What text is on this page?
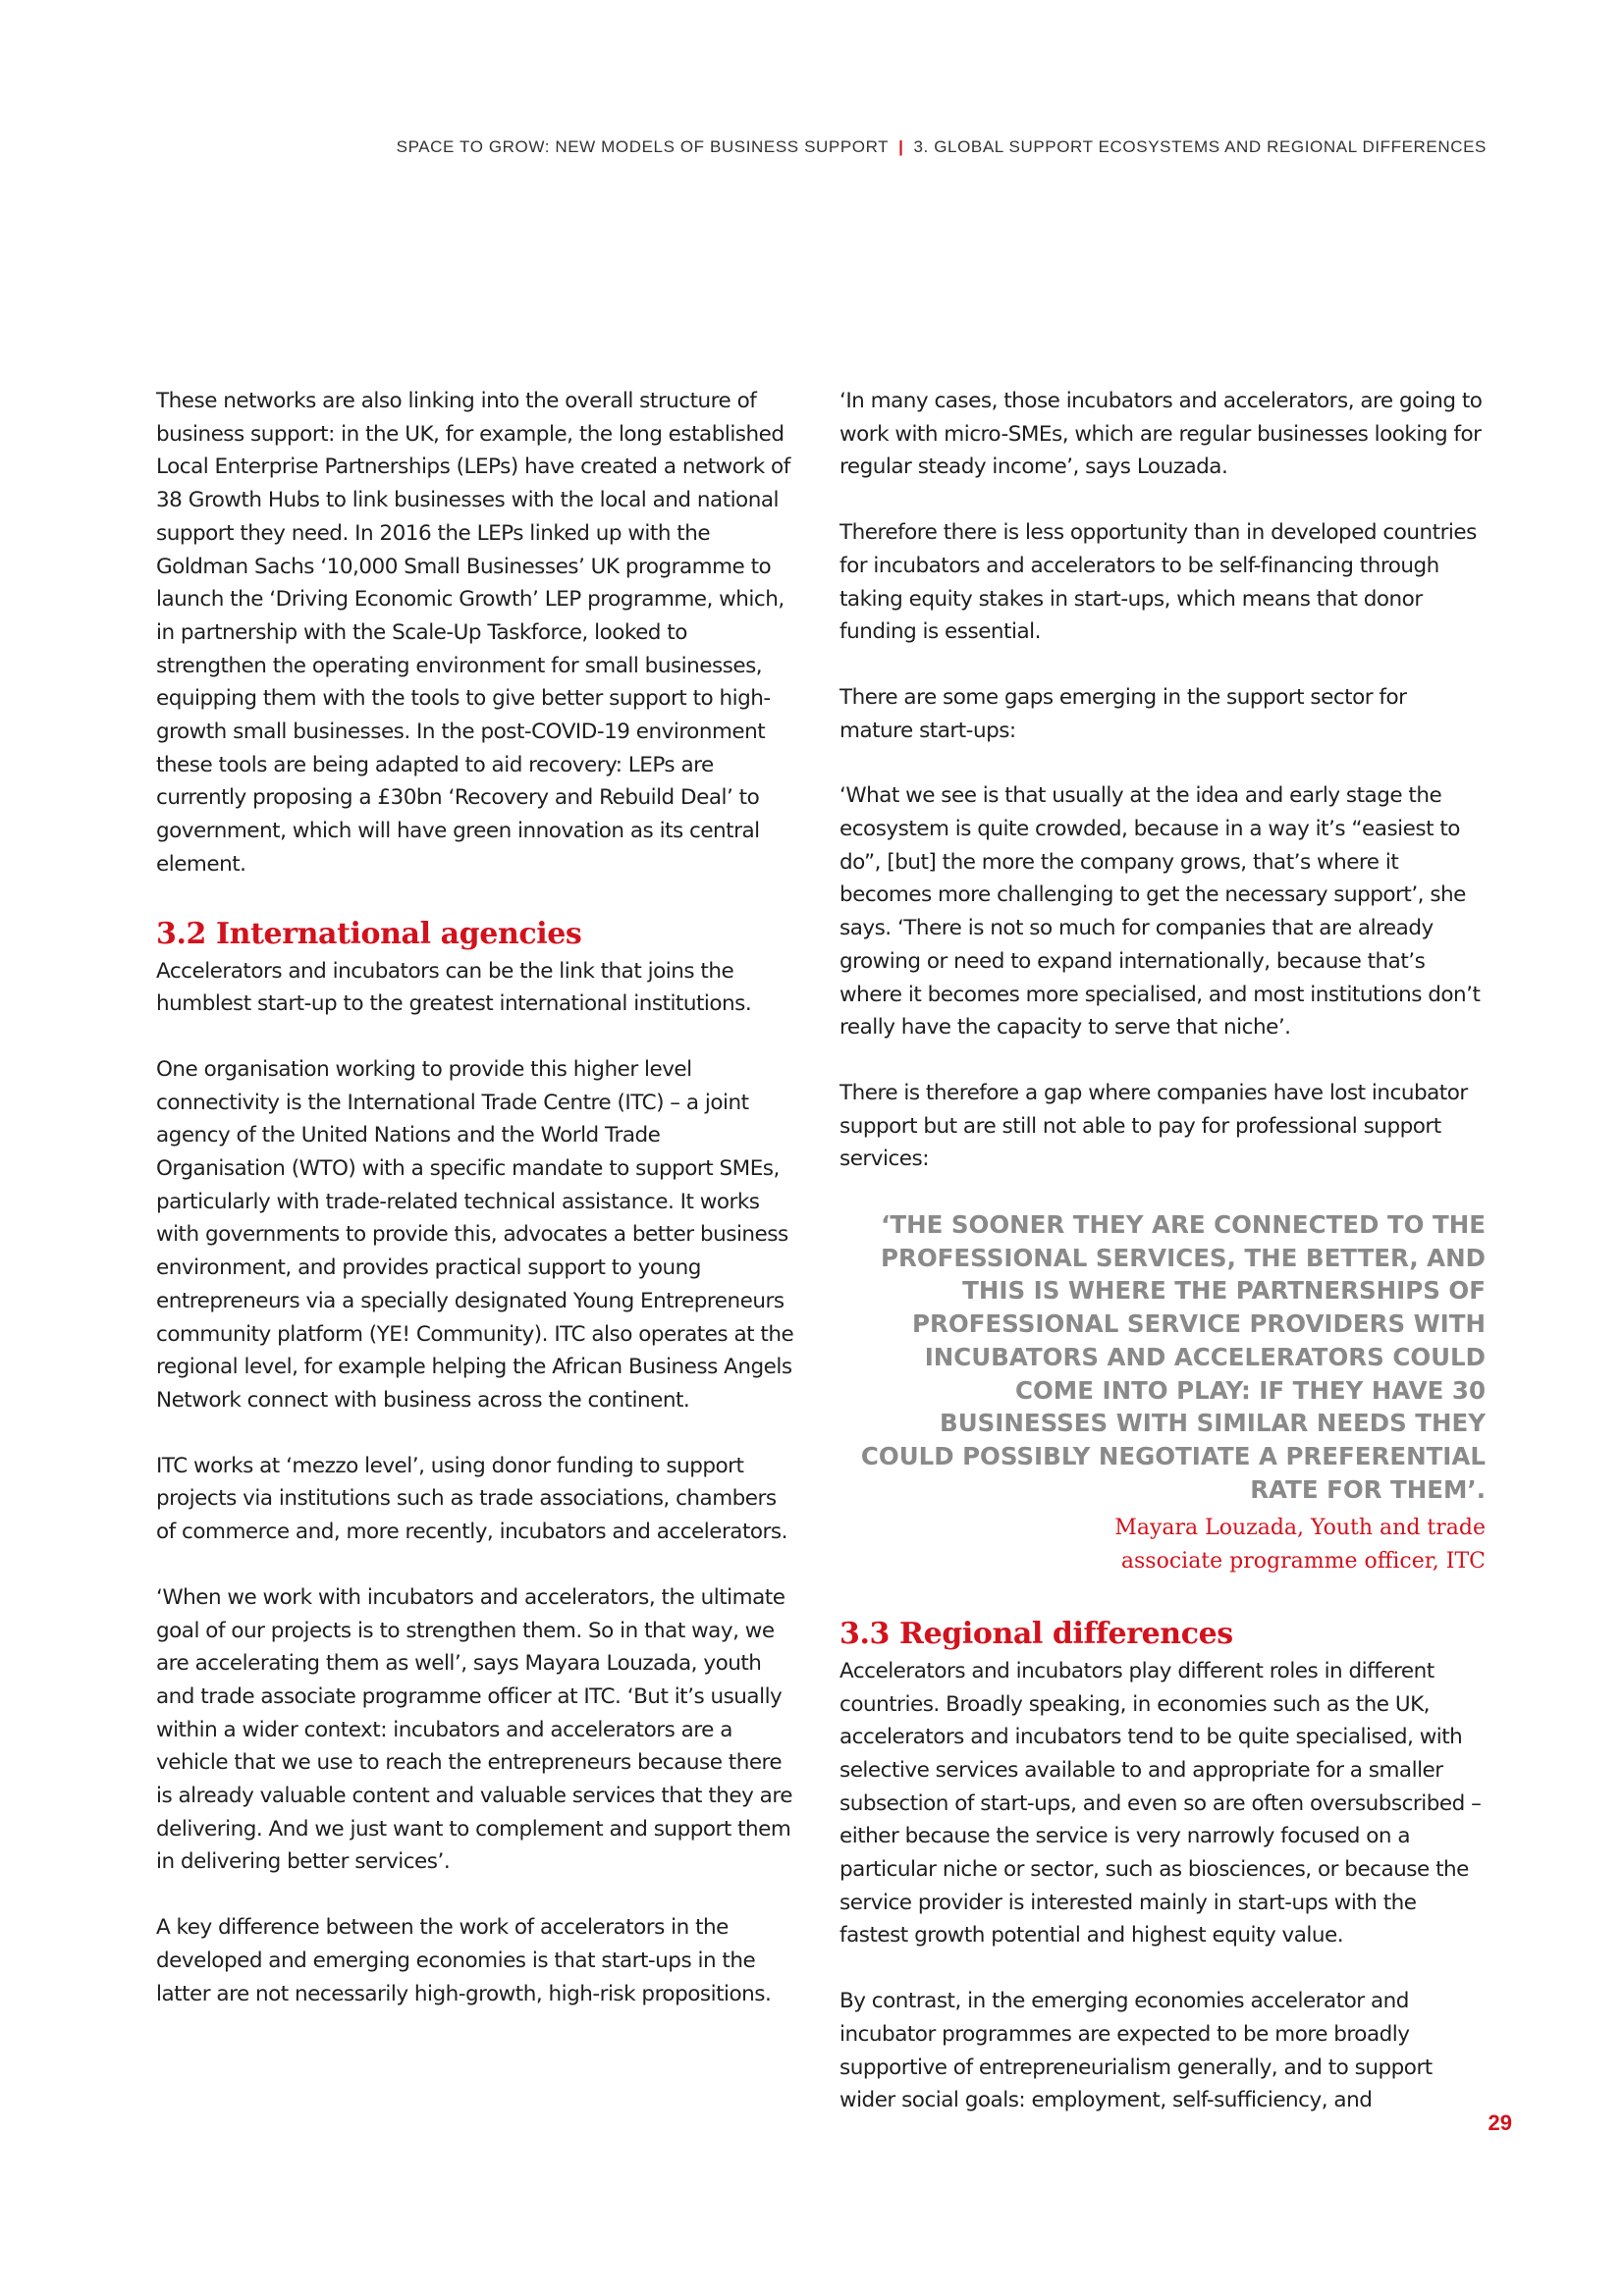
SPACE TO GROW: NEW MODELS OF BUSINESS SUPPORT | 3. GLOBAL SUPPORT ECOSYSTEMS AND REGIONAL DIFFERENCES

These networks are also linking into the overall structure of business support: in the UK, for example, the long established Local Enterprise Partnerships (LEPs) have created a network of 38 Growth Hubs to link businesses with the local and national support they need. In 2016 the LEPs linked up with the Goldman Sachs ‘10,000 Small Businesses’ UK programme to launch the ‘Driving Economic Growth’ LEP programme, which, in partnership with the Scale-Up Taskforce, looked to strengthen the operating environment for small businesses, equipping them with the tools to give better support to high-growth small businesses. In the post-COVID-19 environment these tools are being adapted to aid recovery: LEPs are currently proposing a £30bn ‘Recovery and Rebuild Deal’ to government, which will have green innovation as its central element.

3.2 International agencies

Accelerators and incubators can be the link that joins the humblest start-up to the greatest international institutions.

One organisation working to provide this higher level connectivity is the International Trade Centre (ITC) – a joint agency of the United Nations and the World Trade Organisation (WTO) with a specific mandate to support SMEs, particularly with trade-related technical assistance. It works with governments to provide this, advocates a better business environment, and provides practical support to young entrepreneurs via a specially designated Young Entrepreneurs community platform (YE! Community). ITC also operates at the regional level, for example helping the African Business Angels Network connect with business across the continent.

ITC works at ‘mezzo level’, using donor funding to support projects via institutions such as trade associations, chambers of commerce and, more recently, incubators and accelerators.

‘When we work with incubators and accelerators, the ultimate goal of our projects is to strengthen them. So in that way, we are accelerating them as well’, says Mayara Louzada, youth and trade associate programme officer at ITC. ‘But it’s usually within a wider context: incubators and accelerators are a vehicle that we use to reach the entrepreneurs because there is already valuable content and valuable services that they are delivering. And we just want to complement and support them in delivering better services’.

A key difference between the work of accelerators in the developed and emerging economies is that start-ups in the latter are not necessarily high-growth, high-risk propositions.

‘In many cases, those incubators and accelerators, are going to work with micro-SMEs, which are regular businesses looking for regular steady income’, says Louzada.

Therefore there is less opportunity than in developed countries for incubators and accelerators to be self-financing through taking equity stakes in start-ups, which means that donor funding is essential.

There are some gaps emerging in the support sector for mature start-ups:

‘What we see is that usually at the idea and early stage the ecosystem is quite crowded, because in a way it’s “easiest to do”, [but] the more the company grows, that’s where it becomes more challenging to get the necessary support’, she says. ‘There is not so much for companies that are already growing or need to expand internationally, because that’s where it becomes more specialised, and most institutions don’t really have the capacity to serve that niche’.

There is therefore a gap where companies have lost incubator support but are still not able to pay for professional support services:

‘THE SOONER THEY ARE CONNECTED TO THE PROFESSIONAL SERVICES, THE BETTER, AND THIS IS WHERE THE PARTNERSHIPS OF PROFESSIONAL SERVICE PROVIDERS WITH INCUBATORS AND ACCELERATORS COULD COME INTO PLAY: IF THEY HAVE 30 BUSINESSES WITH SIMILAR NEEDS THEY COULD POSSIBLY NEGOTIATE A PREFERENTIAL RATE FOR THEM’.
Mayara Louzada, Youth and trade
associate programme officer, ITC
3.3 Regional differences

Accelerators and incubators play different roles in different countries. Broadly speaking, in economies such as the UK, accelerators and incubators tend to be quite specialised, with selective services available to and appropriate for a smaller subsection of start-ups, and even so are often oversubscribed – either because the service is very narrowly focused on a particular niche or sector, such as biosciences, or because the service provider is interested mainly in start-ups with the fastest growth potential and highest equity value.

By contrast, in the emerging economies accelerator and incubator programmes are expected to be more broadly supportive of entrepreneurialism generally, and to support wider social goals: employment, self-sufficiency, and

29
